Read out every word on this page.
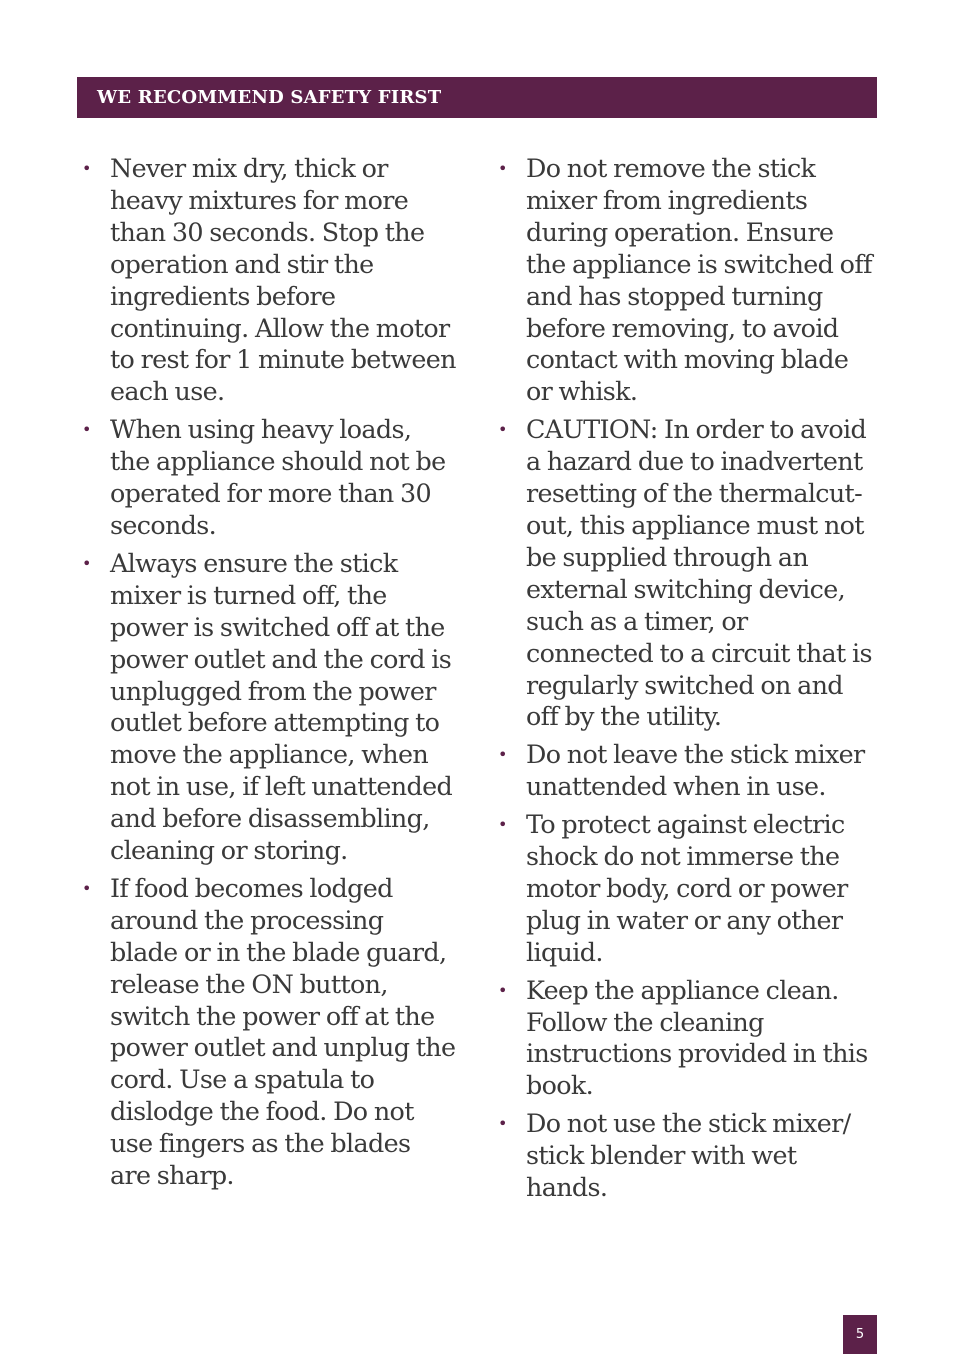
WE RECOMMEND SAFETY FIRST
• Never mix dry, thick or heavy mixtures for more than 30 seconds. Stop the operation and stir the ingredients before continuing. Allow the motor to rest for 1 minute between each use.
• When using heavy loads, the appliance should not be operated for more than 30 seconds.
• Always ensure the stick mixer is turned off, the power is switched off at the power outlet and the cord is unplugged from the power outlet before attempting to move the appliance, when not in use, if left unattended and before disassembling, cleaning or storing.
• If food becomes lodged around the processing blade or in the blade guard, release the ON button, switch the power off at the power outlet and unplug the cord. Use a spatula to dislodge the food. Do not use fingers as the blades are sharp.
• Do not remove the stick mixer from ingredients during operation. Ensure the appliance is switched off and has stopped turning before removing, to avoid contact with moving blade or whisk.
• CAUTION: In order to avoid a hazard due to inadvertent resetting of the thermalcut-out, this appliance must not be supplied through an external switching device, such as a timer, or connected to a circuit that is regularly switched on and off by the utility.
• Do not leave the stick mixer unattended when in use.
• To protect against electric shock do not immerse the motor body, cord or power plug in water or any other liquid.
• Keep the appliance clean. Follow the cleaning instructions provided in this book.
• Do not use the stick mixer/ stick blender with wet hands.
5
